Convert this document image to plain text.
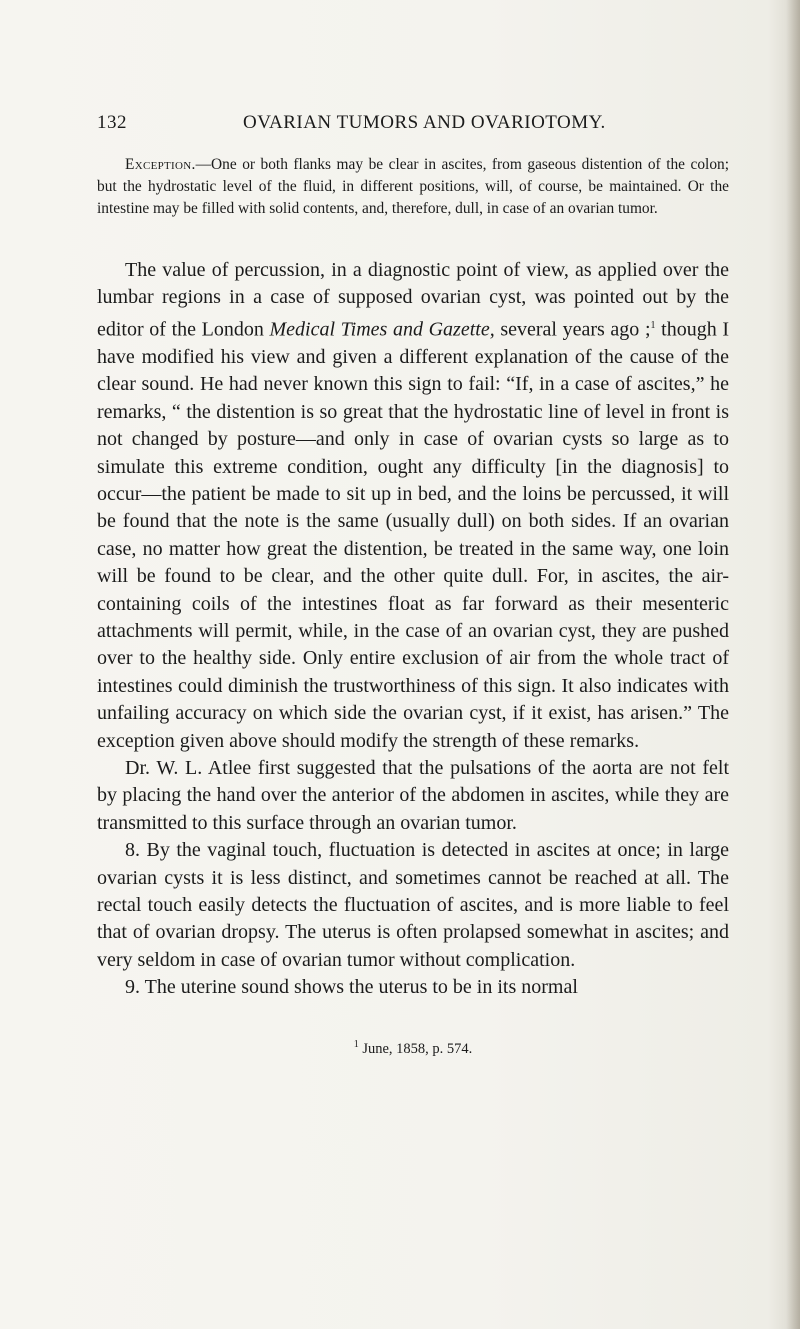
132	OVARIAN TUMORS AND OVARIOTOMY.
Exception.—One or both flanks may be clear in ascites, from gaseous distention of the colon; but the hydrostatic level of the fluid, in different positions, will, of course, be maintained. Or the intestine may be filled with solid contents, and, therefore, dull, in case of an ovarian tumor.

The value of percussion, in a diagnostic point of view, as applied over the lumbar regions in a case of supposed ovarian cyst, was pointed out by the editor of the London Medical Times and Gazette, several years ago ;$^1$ though I have modified his view and given a different explanation of the cause of the clear sound. He had never known this sign to fail: “If, in a case of ascites,” he remarks, “ the distention is so great that the hydrostatic line of level in front is not changed by posture—and only in case of ovarian cysts so large as to simulate this extreme condition, ought any difficulty [in the diagnosis] to occur—the patient be made to sit up in bed, and the loins be percussed, it will be found that the note is the same (usually dull) on both sides. If an ovarian case, no matter how great the distention, be treated in the same way, one loin will be found to be clear, and the other quite dull. For, in ascites, the air-containing coils of the intestines float as far forward as their mesenteric attachments will permit, while, in the case of an ovarian cyst, they are pushed over to the healthy side. Only entire exclusion of air from the whole tract of intestines could diminish the trustworthiness of this sign. It also indicates with unfailing accuracy on which side the ovarian cyst, if it exist, has arisen.” The exception given above should modify the strength of these remarks.

Dr. W. L. Atlee first suggested that the pulsations of the aorta are not felt by placing the hand over the anterior of the abdomen in ascites, while they are transmitted to this surface through an ovarian tumor.

8. By the vaginal touch, fluctuation is detected in ascites at once; in large ovarian cysts it is less distinct, and sometimes cannot be reached at all. The rectal touch easily detects the fluctuation of ascites, and is more liable to feel that of ovarian dropsy. The uterus is often prolapsed somewhat in ascites; and very seldom in case of ovarian tumor without complication.

9. The uterine sound shows the uterus to be in its normal

$^1$ June, 1858, p. 574.
